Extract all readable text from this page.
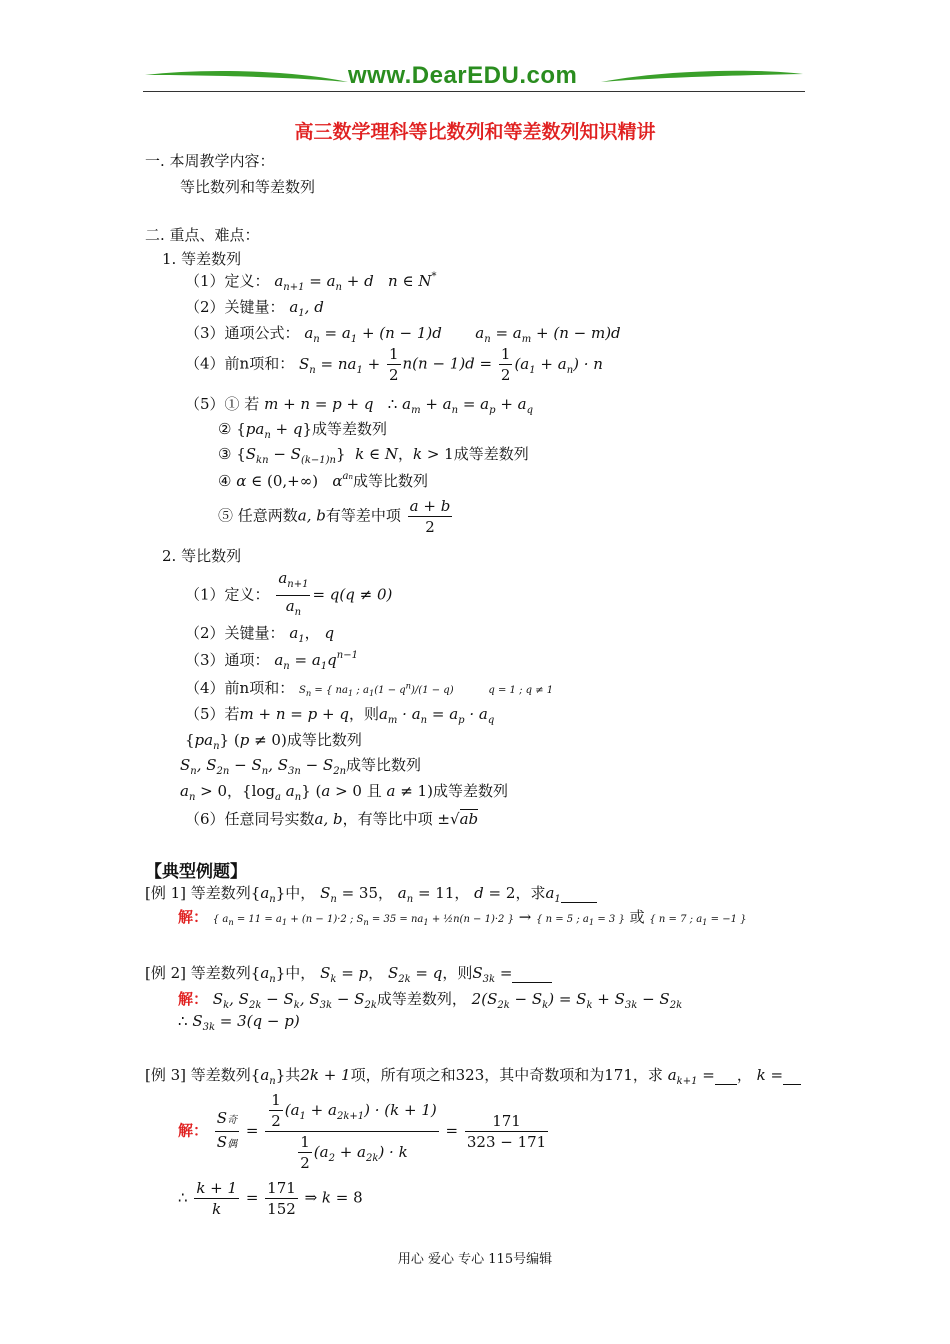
www.DearEDU.com
高三数学理科等比数列和等差数列知识精讲
一. 本周教学内容：
等比数列和等差数列
二. 重点、难点：
1. 等差数列
（1）定义： $a_{n+1} = a_n + d$ n ∈ N*
（2）关键量： $a_1$, d
（3）通项公式： $a_n = a_1 + (n - 1)d$ $a_n = a_m + (n - m)d$
（4）前n项和： $S_n = na_1 + \frac{1}{2} n(n - 1)d = \frac{1}{2} (a_1 + a_n) \cdot n$
（5）① 若 m + n = p + q   ∴ $a_m + a_n = a_p + a_q$
② $\{pa_n + q\}$成等差数列
③ $\{S_{kn} - S_{(k-1)n}\}$  k ∈ N，k > 1成等差数列
④ α ∈ (0,+∞)   $\alpha^{an}$成等比数列
⑤ 任意两数a, b有等差中项 $\frac{a + b}{2}$
2. 等比数列
（1）定义： $\frac{a_{n+1}}{a_n} = q(q \ne 0)$
（2）关键量： $a_1$， q
（3）通项： $a_n = a_1q^{n-1}$
（4）前n项和： $S_n$ = { $na_1$ ; $a_1(1 - q^n)/(1 - q)$	q = 1 ; q ≠ 1
（5）若m + n = p + q，则$a_m \cdot a_n = a_p \cdot a_q$
$\{pa_n\} (p \ne 0)$成等比数列
$S_n$, $S_{2n} - S_n$, $S_{3n} - S_{2n}$成等比数列
$a_n > 0$，{$\log_a$ $a_n$} (a > 0 且 a ≠ 1)成等差数列
（6）任意同号实数a, b，有等比中项 ±√ab
【典型例题】
[例 1] 等差数列$\{a_n\}$中， $S_n = 35$， $a_n = 11$， d = 2，求$a_1$
解： { $a_n = 11 = a_1 + (n - 1)\cdot 2$ ; $S_n = 35 = na_1$ + ½n(n − 1)·2 } → { n = 5 ; $a_1 = 3$ } 或 { n = 7 ; $a_1 = -1$ }
[例 2] 等差数列$\{a_n\}$中， $S_k = p$， $S_{2k} = q$，则$S_{3k}$ =
解： $S_k$, $S_{2k} - S_k$, $S_{3k} - S_{2k}$成等差数列， $2(S_{2k} - S_k) = S_k + S_{3k} - S_{2k}$
∴ $S_{3k} = 3(q - p)$
[例 3] 等差数列$\{a_n\}$共2k + 1项，所有项之和323，其中奇数项和为171，求 $a_{k+1}$ = ， k =
解： $\frac{\text{S奇}}{\text{S偶}} = \frac{\frac{1}{2} (a_1 + a_{2k+1}) \cdot (k + 1)}{\frac{1}{2} (a_2 + a_{2k}) \cdot k} = \frac{171}{323 - 171}$
∴ $\frac{k + 1}{k} = \frac{171}{152}$ ⇒ k = 8
用心 爱心 专心 115号编辑
